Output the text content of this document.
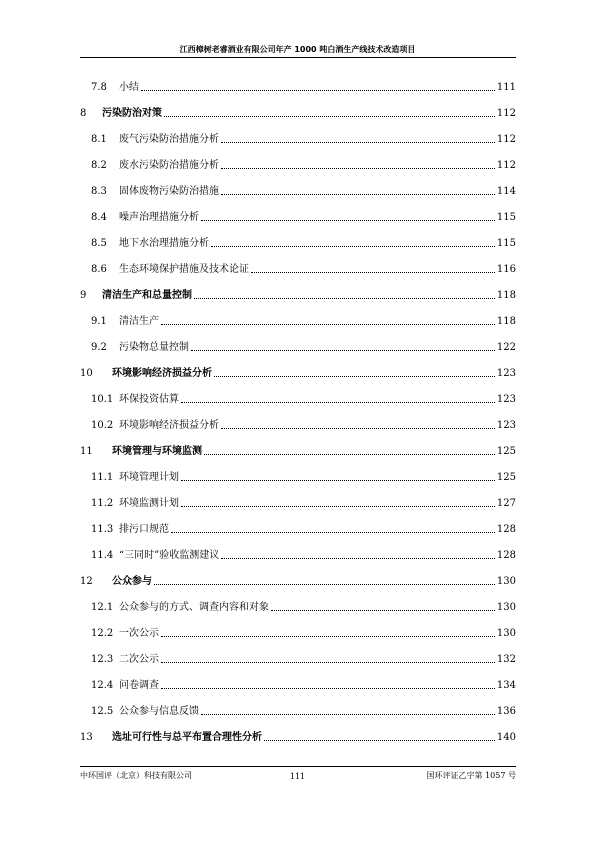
江西樟树老睿酒业有限公司年产 1000 吨白酒生产线技术改造项目
7.8	小结	111
8	污染防治对策	112
8.1	废气污染防治措施分析	112
8.2	废水污染防治措施分析	112
8.3	固体废物污染防治措施	114
8.4	噪声治理措施分析	115
8.5	地下水治理措施分析	115
8.6	生态环境保护措施及技术论证	116
9	清洁生产和总量控制	118
9.1	清洁生产	118
9.2	污染物总量控制	122
10	环境影响经济损益分析	123
10.1 环保投资估算	123
10.2 环境影响经济损益分析	123
11	环境管理与环境监测	125
11.1 环境管理计划	125
11.2 环境监测计划	127
11.3 排污口规范	128
11.4 “三同时”验收监测建议	128
12	公众参与	130
12.1 公众参与的方式、调查内容和对象	130
12.2 一次公示	130
12.3 二次公示	132
12.4 问卷调查	134
12.5 公众参与信息反馈	136
13	选址可行性与总平布置合理性分析	140
中环国评（北京）科技有限公司	111	国环评证乙字第 1057 号
